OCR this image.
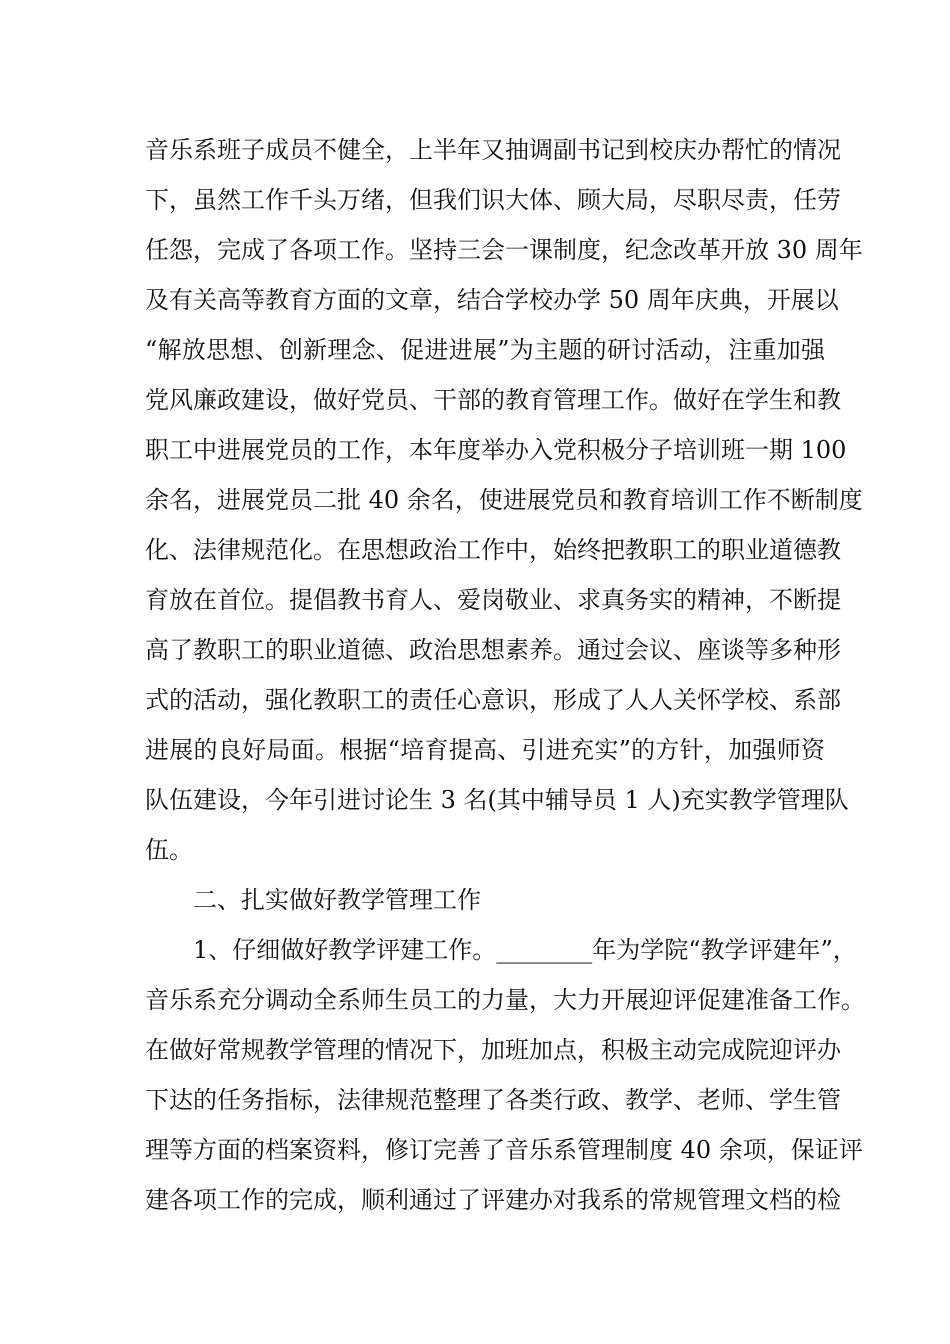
音乐系班子成员不健全，上半年又抽调副书记到校庆办帮忙的情况
下，虽然工作千头万绪，但我们识大体、顾大局，尽职尽责，任劳
任怨，完成了各项工作。坚持三会一课制度，纪念改革开放 30 周年
及有关高等教育方面的文章，结合学校办学 50 周年庆典，开展以
“解放思想、创新理念、促进进展”为主题的研讨活动，注重加强
党风廉政建设，做好党员、干部的教育管理工作。做好在学生和教
职工中进展党员的工作，本年度举办入党积极分子培训班一期 100
余名，进展党员二批 40 余名，使进展党员和教育培训工作不断制度
化、法律规范化。在思想政治工作中，始终把教职工的职业道德教
育放在首位。提倡教书育人、爱岗敬业、求真务实的精神，不断提
高了教职工的职业道德、政治思想素养。通过会议、座谈等多种形
式的活动，强化教职工的责任心意识，形成了人人关怀学校、系部
进展的良好局面。根据“培育提高、引进充实”的方针，加强师资
队伍建设，今年引进讨论生 3 名(其中辅导员 1 人)充实教学管理队
伍。
二、扎实做好教学管理工作
1、仔细做好教学评建工作。________年为学院“教学评建年”，
音乐系充分调动全系师生员工的力量，大力开展迎评促建准备工作。
在做好常规教学管理的情况下，加班加点，积极主动完成院迎评办
下达的任务指标，法律规范整理了各类行政、教学、老师、学生管
理等方面的档案资料，修订完善了音乐系管理制度 40 余项，保证评
建各项工作的完成，顺利通过了评建办对我系的常规管理文档的检
